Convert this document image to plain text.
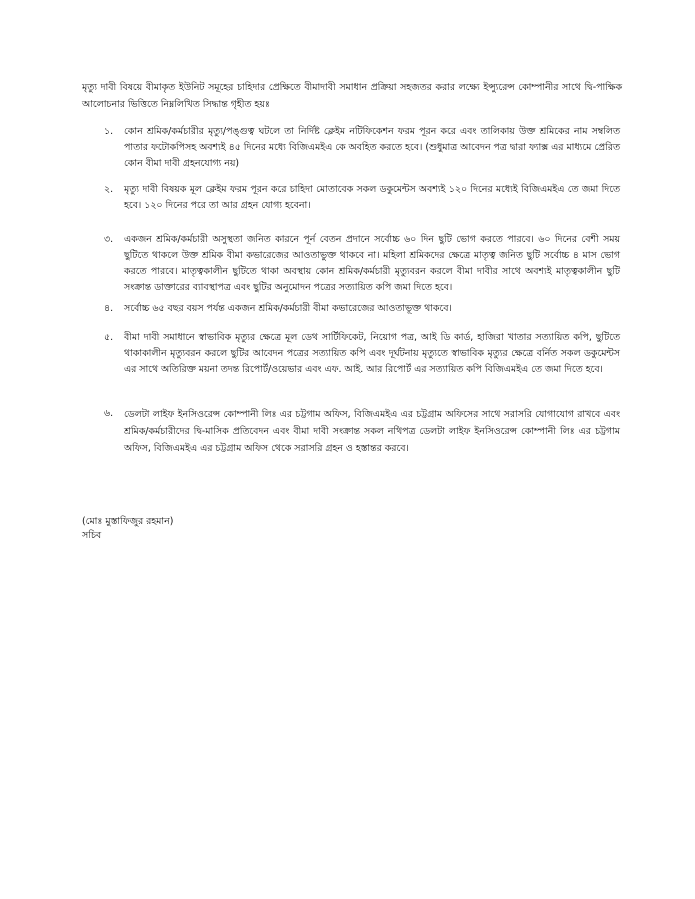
মৃত্যু দাবী বিষয়ে বীমাকৃত ইউনিট সমূহের চাহিদার প্রেক্ষিতে বীমাদাবী সমাধান প্রক্রিয়া সহজতর করার লক্ষ্যে ইন্স্যুরেন্স কোম্পানীর সাথে দ্বি-পাক্ষিক আলোচনার ভিত্তিতে নিম্নলিখিত সিদ্ধান্ত গৃহীত হয়ঃ

১. কোন শ্রমিক/কর্মচারীর মৃত্যু/পঙ্গুত্ব ঘটলে তা নির্দিষ্ট ক্লেইম নটিফিকেশন ফরম পূরন করে এবং তালিকায় উক্ত শ্রমিকের নাম সম্বলিত পাতার ফটোকপিসহ অবশ্যই ৪৫ দিনের মধ্যে বিজিএমইএ কে অবহিত করতে হবে। (শুধুমাত্র আবেদন পত্র দ্বারা ফ্যাক্স এর মাধ্যমে প্রেরিত কোন বীমা দাবী গ্রহনযোগ্য নয়)

২. মৃত্যু দাবী বিষয়ক মূল ক্লেইম ফরম পূরন করে চাহিদা মোতাবেক সকল ডকুমেন্টস অবশ্যই ১২০ দিনের মধ্যেই বিজিএমইএ তে জমা দিতে হবে। ১২০ দিনের পরে তা আর গ্রহন যোগ্য হবেনা।

৩. একজন শ্রমিক/কর্মচারী অসুস্থতা জনিত কারনে পূর্ন বেতন প্রদানে সর্বোচ্চ ৬০ দিন ছুটি ভোগ করতে পারবে। ৬০ দিনের বেশী সময় ছুটিতে থাকলে উক্ত শ্রমিক বীমা কভারেজের আওতাভুক্ত থাকবে না। মহিলা শ্রমিকদের ক্ষেত্রে মাতৃত্ব জনিত ছুটি সর্বোচ্চ ৪ মাস ভোগ করতে পারবে। মাতৃত্বকালীন ছুটিতে থাকা অবস্থায় কোন শ্রমিক/কর্মচারী মৃত্যুবরন করলে বীমা দাবীর সাথে অবশ্যই মাতৃত্বকালীন ছুটি সংক্রান্ত ডাক্তারের ব্যাবস্থাপত্র এবং ছুটির অনুমোদন পত্রের সত্যায়িত কপি জমা দিতে হবে।

৪. সর্বোচ্চ ৬৫ বছর বয়স পর্যন্ত একজন শ্রমিক/কর্মচারী বীমা কভারেজের আওতাভূক্ত থাকবে।

৫. বীমা দাবী সমাধানে স্বাভাবিক মৃত্যুর ক্ষেত্রে মূল ডেথ সার্টিফিকেট, নিয়োগ পত্র, আই ডি কার্ড, হাজিরা খাতার সত্যায়িত কপি, ছুটিতে থাকাকালীন মৃত্যুবরন করলে ছুটির আবেদন পত্রের সত্যায়িত কপি এবং দূর্ঘটনায় মৃত্যুতে স্বাভাবিক মৃত্যুর ক্ষেত্রে বর্নিত সকল ডকুমেন্টস এর সাথে অতিরিক্ত ময়না তদন্ত রিপোর্ট/ওয়েভার এবং এফ. আই. আর রিপোর্ট এর সত্যায়িত কপি বিজিএমইএ তে জমা দিতে হবে।

৬. ডেলটা লাইফ ইনসিওরেন্স কোম্পানী লিঃ এর চট্টগাম অফিস, বিজিএমইএ এর চট্টগ্রাম অফিসের সাথে সরাসরি যোগাযোগ রাখবে এবং শ্রমিক/কর্মচারীদের দ্বি-মাসিক প্রতিবেদন এবং বীমা দাবী সংক্রান্ত সকল নথিপত্র ডেলটা লাইফ ইনসিওরেন্স কোম্পানী লিঃ এর চট্টগাম অফিস, বিজিএমইএ এর চট্টগ্রাম অফিস থেকে সরাসরি গ্রহন ও হস্তান্তর করবে।

(মোঃ মুস্তাফিজুর রহমান)

সচিব
